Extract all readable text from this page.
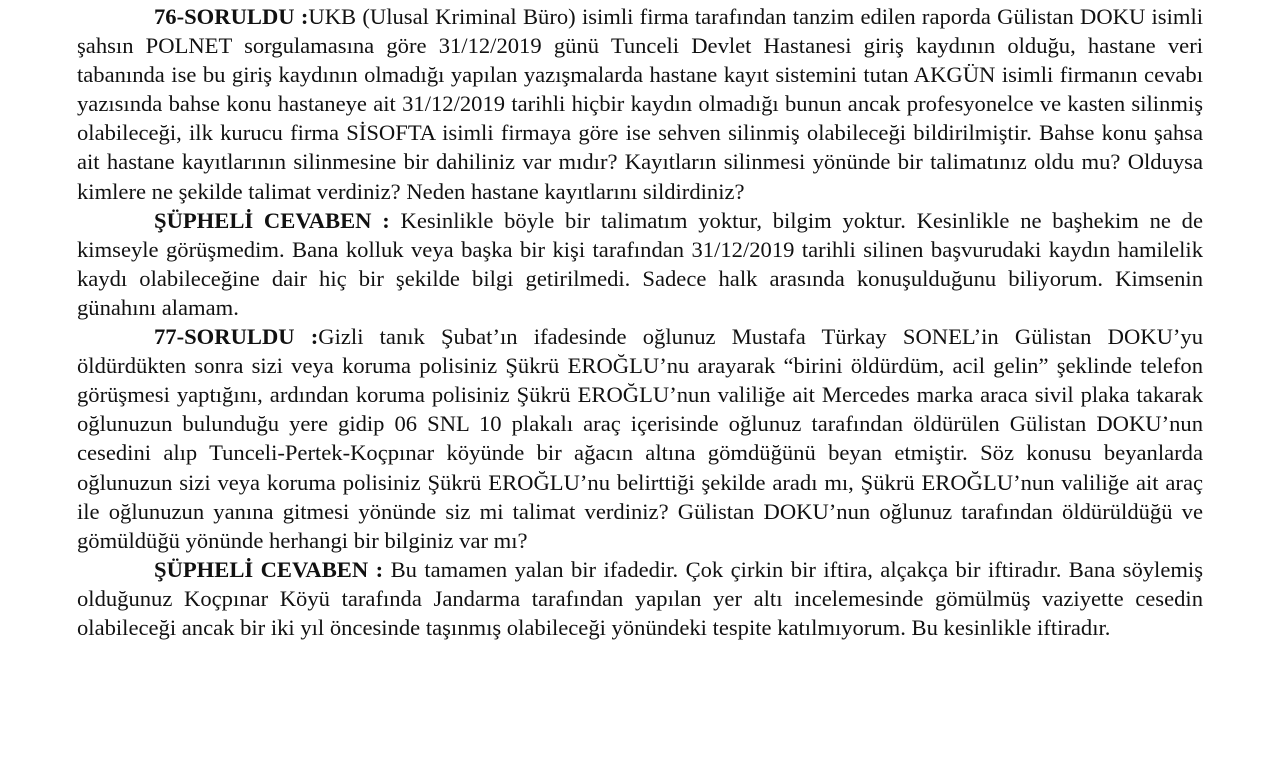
76-SORULDU :UKB (Ulusal Kriminal Büro) isimli firma tarafından tanzim edilen raporda Gülistan DOKU isimli şahsın POLNET sorgulamasına göre 31/12/2019 günü Tunceli Devlet Hastanesi giriş kaydının olduğu, hastane veri tabanında ise bu giriş kaydının olmadığı yapılan yazışmalarda hastane kayıt sistemini tutan AKGÜN isimli firmanın cevabı yazısında bahse konu hastaneye ait 31/12/2019 tarihli hiçbir kaydın olmadığı bunun ancak profesyonelce ve kasten silinmiş olabileceği, ilk kurucu firma SİSOFTA isimli firmaya göre ise sehven silinmiş olabileceği bildirilmiştir. Bahse konu şahsa ait hastane kayıtlarının silinmesine bir dahiliniz var mıdır? Kayıtların silinmesi yönünde bir talimatınız oldu mu? Olduysa kimlere ne şekilde talimat verdiniz? Neden hastane kayıtlarını sildirdiniz?

ŞÜPHELİ CEVABEN : Kesinlikle böyle bir talimatım yoktur, bilgim yoktur. Kesinlikle ne başhekim ne de kimseyle görüşmedim. Bana kolluk veya başka bir kişi tarafından 31/12/2019 tarihli silinen başvurudaki kaydın hamilelik kaydı olabileceğine dair hiç bir şekilde bilgi getirilmedi. Sadece halk arasında konuşulduğunu biliyorum. Kimsenin günahını alamam.

77-SORULDU :Gizli tanık Şubat’ın ifadesinde oğlunuz Mustafa Türkay SONEL’in Gülistan DOKU’yu öldürdükten sonra sizi veya koruma polisiniz Şükrü EROĞLU’nu arayarak “birini öldürdüm, acil gelin” şeklinde telefon görüşmesi yaptığını, ardından koruma polisiniz Şükrü EROĞLU’nun valiliğe ait Mercedes marka araca sivil plaka takarak oğlunuzun bulunduğu yere gidip 06 SNL 10 plakalı araç içerisinde oğlunuz tarafından öldürülen Gülistan DOKU’nun cesedini alıp Tunceli-Pertek-Koçpınar köyünde bir ağacın altına gömdüğünü beyan etmiştir. Söz konusu beyanlarda oğlunuzun sizi veya koruma polisiniz Şükrü EROĞLU’nu belirttiği şekilde aradı mı, Şükrü EROĞLU’nun valiliğe ait araç ile oğlunuzun yanına gitmesi yönünde siz mi talimat verdiniz? Gülistan DOKU’nun oğlunuz tarafından öldürüldüğü ve gömüldüğü yönünde herhangi bir bilginiz var mı?

ŞÜPHELİ CEVABEN : Bu tamamen yalan bir ifadedir. Çok çirkin bir iftira, alçakça bir iftiradır. Bana söylemiş olduğunuz Koçpınar Köyü tarafında Jandarma tarafından yapılan yer altı incelemesinde gömülmüş vaziyette cesedin olabileceği ancak bir iki yıl öncesinde taşınmış olabileceği yönündeki tespite katılmıyorum. Bu kesinlikle iftiradır.
